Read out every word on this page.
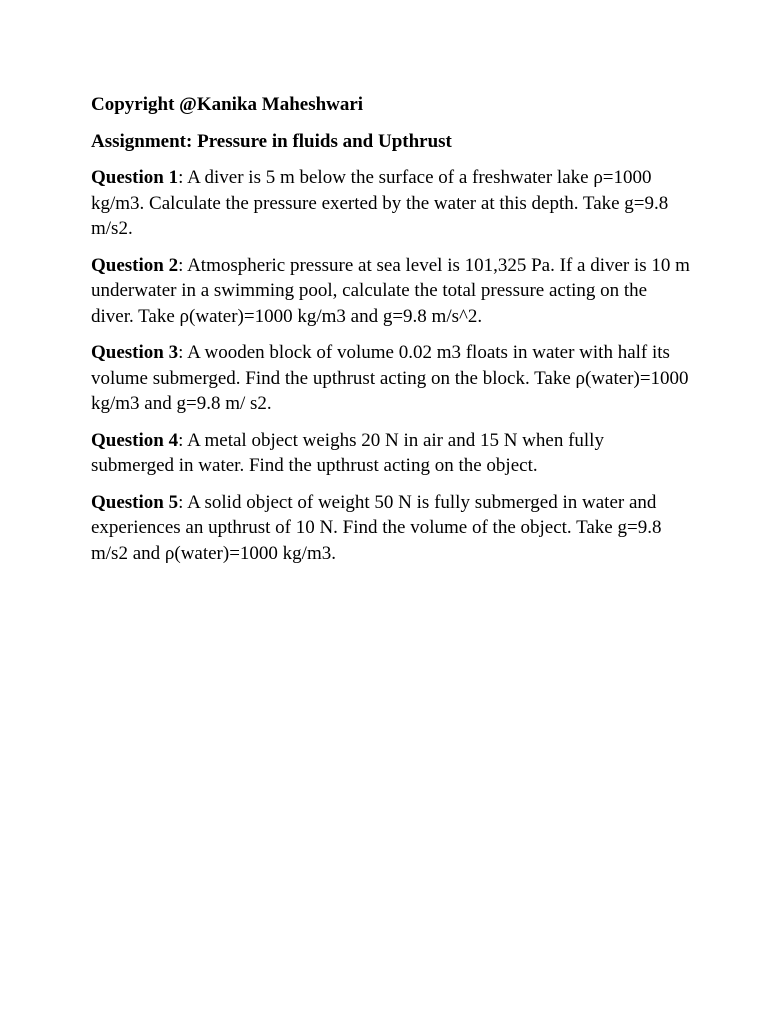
Copyright @Kanika Maheshwari

Assignment: Pressure in fluids and Upthrust

Question 1: A diver is 5 m below the surface of a freshwater lake ρ=1000 kg/m3. Calculate the pressure exerted by the water at this depth. Take g=9.8 m/s2.

Question 2: Atmospheric pressure at sea level is 101,325 Pa. If a diver is 10 m underwater in a swimming pool, calculate the total pressure acting on the diver. Take ρ(water)=1000 kg/m3 and g=9.8 m/s^2.

Question 3: A wooden block of volume 0.02 m3 floats in water with half its volume submerged. Find the upthrust acting on the block. Take ρ(water)=1000 kg/m3 and g=9.8 m/ s2.

Question 4: A metal object weighs 20 N in air and 15 N when fully submerged in water. Find the upthrust acting on the object.

Question 5: A solid object of weight 50 N is fully submerged in water and experiences an upthrust of 10 N. Find the volume of the object. Take g=9.8 m/s2 and ρ(water)=1000 kg/m3.
